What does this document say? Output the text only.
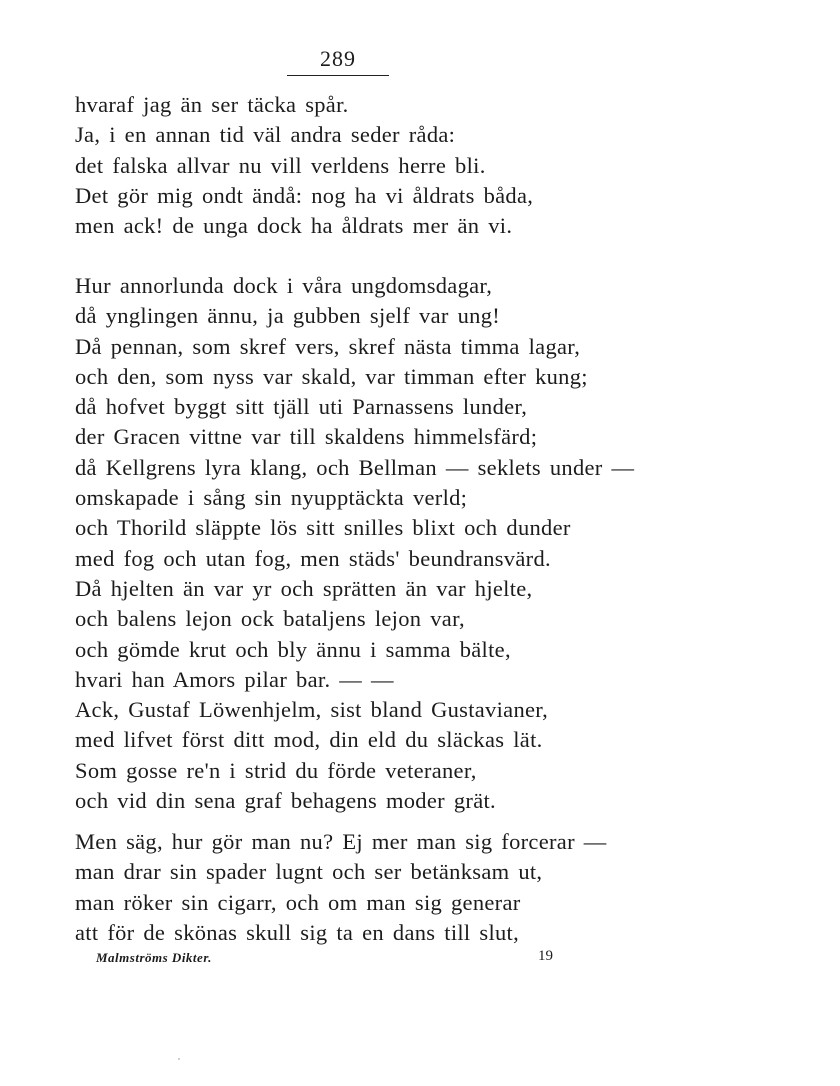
289
hvaraf jag än ser täcka spår.
Ja, i en annan tid väl andra seder råda:
det falska allvar nu vill verldens herre bli.
Det gör mig ondt ändå: nog ha vi åldrats båda,
men ack! de unga dock ha åldrats mer än vi.
Hur annorlunda dock i våra ungdomsdagar,
då ynglingen ännu, ja gubben sjelf var ung!
Då pennan, som skref vers, skref nästa timma lagar,
och den, som nyss var skald, var timman efter kung;
då hofvet byggt sitt tjäll uti Parnassens lunder,
der Gracen vittne var till skaldens himmelsfärd;
då Kellgrens lyra klang, och Bellman — seklets under —
omskapade i sång sin nyupptäckta verld;
och Thorild släppte lös sitt snilles blixt och dunder
med fog och utan fog, men städs' beundransvärd.
Då hjelten än var yr och sprätten än var hjelte,
och balens lejon ock bataljens lejon var,
och gömde krut och bly ännu i samma bälte,
hvari han Amors pilar bar. — —
Ack, Gustaf Löwenhjelm, sist bland Gustavianer,
med lifvet först ditt mod, din eld du släckas lät.
Som gosse re'n i strid du förde veteraner,
och vid din sena graf behagens moder grät.
Men säg, hur gör man nu? Ej mer man sig forcerar —
man drar sin spader lugnt och ser betänksam ut,
man röker sin cigarr, och om man sig generar
att för de skönas skull sig ta en dans till slut,
Malmströms Dikter.	19
